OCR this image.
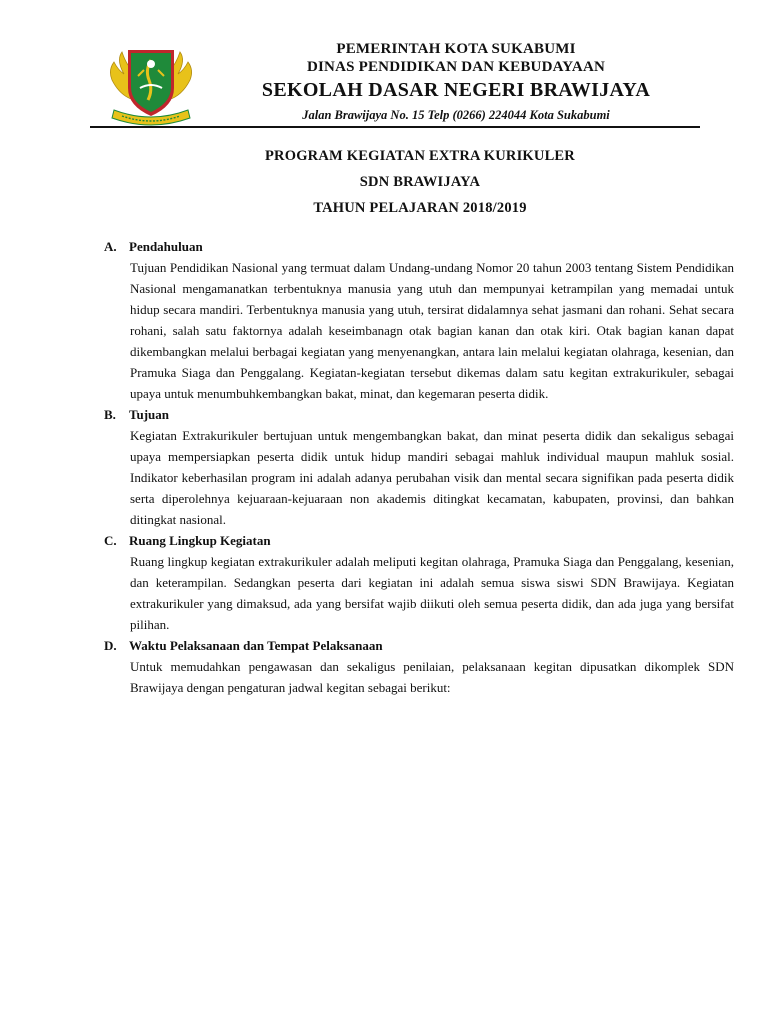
PEMERINTAH KOTA SUKABUMI
DINAS PENDIDIKAN DAN KEBUDAYAAN
SEKOLAH DASAR NEGERI BRAWIJAYA
Jalan Brawijaya No. 15 Telp (0266) 224044 Kota Sukabumi
PROGRAM KEGIATAN EXTRA KURIKULER
SDN BRAWIJAYA
TAHUN PELAJARAN 2018/2019
A. Pendahuluan
Tujuan Pendidikan Nasional yang termuat dalam Undang-undang Nomor 20 tahun 2003 tentang Sistem Pendidikan Nasional mengamanatkan terbentuknya manusia yang utuh dan mempunyai ketrampilan yang memadai untuk hidup secara mandiri. Terbentuknya manusia yang utuh, tersirat didalamnya sehat jasmani dan rohani. Sehat secara rohani, salah satu faktornya adalah keseimbanagn otak bagian kanan dan otak kiri. Otak bagian kanan dapat dikembangkan melalui berbagai kegiatan yang menyenangkan, antara lain melalui kegiatan olahraga, kesenian, dan Pramuka Siaga dan Penggalang. Kegiatan-kegiatan tersebut dikemas dalam satu kegitan extrakurikuler, sebagai upaya untuk menumbuhkembangkan bakat, minat, dan kegemaran peserta didik.
B.	Tujuan
Kegiatan Extrakurikuler bertujuan untuk mengembangkan bakat, dan minat peserta didik dan sekaligus sebagai upaya mempersiapkan peserta didik untuk hidup mandiri sebagai mahluk individual maupun mahluk sosial. Indikator keberhasilan program ini adalah adanya perubahan visik dan mental secara signifikan pada peserta didik serta diperolehnya kejuaraan-kejuaraan non akademis ditingkat kecamatan, kabupaten, provinsi, dan bahkan ditingkat nasional.
C. Ruang Lingkup Kegiatan
Ruang lingkup kegiatan extrakurikuler adalah meliputi kegitan olahraga, Pramuka Siaga dan Penggalang, kesenian, dan keterampilan. Sedangkan peserta dari kegiatan ini adalah semua siswa siswi SDN Brawijaya. Kegiatan extrakurikuler yang dimaksud, ada yang bersifat wajib diikuti oleh semua peserta didik, dan ada juga yang bersifat pilihan.
D. Waktu Pelaksanaan dan Tempat Pelaksanaan
Untuk memudahkan pengawasan dan sekaligus penilaian, pelaksanaan kegitan dipusatkan dikomplek SDN Brawijaya dengan pengaturan jadwal kegitan sebagai berikut:
